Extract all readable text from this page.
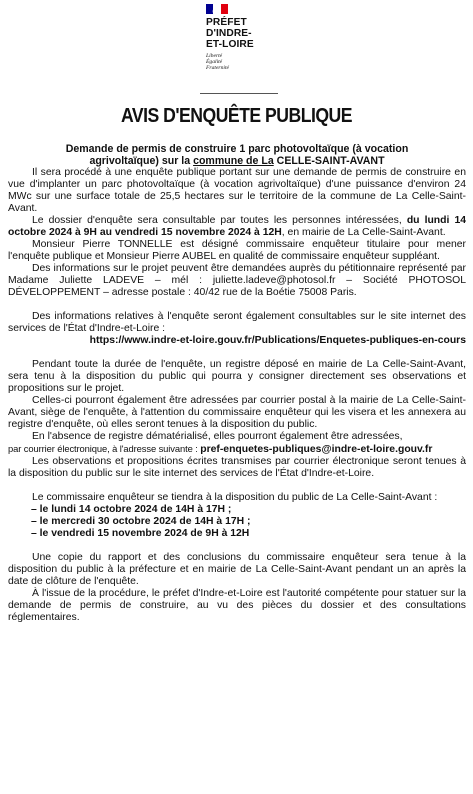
PRÉFET
D'INDRE-
ET-LOIRE
Liberté
Égalité
Fraternité
AVIS D'ENQUÊTE PUBLIQUE
Demande de permis de construire 1 parc photovoltaïque (à vocation
agrivoltaïque) sur la commune de La CELLE-SAINT-AVANT

Il sera procédé à une enquête publique portant sur une demande de permis de construire en vue d'implanter un parc photovoltaïque (à vocation agrivoltaïque) d'une puissance d'environ 24 MWc sur une surface totale de 25,5 hectares sur le territoire de la commune de La Celle-Saint-Avant.

Le dossier d'enquête sera consultable par toutes les personnes intéressées, du lundi 14 octobre 2024 à 9H au vendredi 15 novembre 2024 à 12H, en mairie de La Celle-Saint-Avant.

Monsieur Pierre TONNELLE est désigné commissaire enquêteur titulaire pour mener l'enquête publique et Monsieur Pierre AUBEL en qualité de commissaire enquêteur suppléant.

Des informations sur le projet peuvent être demandées auprès du pétitionnaire représenté par Madame Juliette LADEVE – mél : juliette.ladeve@photosol.fr – Société PHOTOSOL DÉVELOPPEMENT – adresse postale : 40/42 rue de la Boétie 75008 Paris.

Des informations relatives à l'enquête seront également consultables sur le site internet des services de l'État d'Indre-et-Loire :

https://www.indre-et-loire.gouv.fr/Publications/Enquetes-publiques-en-cours

Pendant toute la durée de l'enquête, un registre déposé en mairie de La Celle-Saint-Avant, sera tenu à la disposition du public qui pourra y consigner directement ses observations et propositions sur le projet.

Celles-ci pourront également être adressées par courrier postal à la mairie de La Celle-Saint-Avant, siège de l'enquête, à l'attention du commissaire enquêteur qui les visera et les annexera au registre d'enquête, où elles seront tenues à la disposition du public.

En l'absence de registre dématérialisé, elles pourront également être adressées,
par courrier électronique, à l'adresse suivante : pref-enquetes-publiques@indre-et-loire.gouv.fr

Les observations et propositions écrites transmises par courrier électronique seront tenues à la disposition du public sur le site internet des services de l'État d'Indre-et-Loire.

Le commissaire enquêteur se tiendra à la disposition du public de La Celle-Saint-Avant :

– le lundi 14 octobre 2024 de 14H à 17H ;
– le mercredi 30 octobre 2024 de 14H à 17H ;
– le vendredi 15 novembre 2024 de 9H à 12H

Une copie du rapport et des conclusions du commissaire enquêteur sera tenue à la disposition du public à la préfecture et en mairie de La Celle-Saint-Avant pendant un an après la date de clôture de l'enquête.

À l'issue de la procédure, le préfet d'Indre-et-Loire est l'autorité compétente pour statuer sur la demande de permis de construire, au vu des pièces du dossier et des consultations réglementaires.
